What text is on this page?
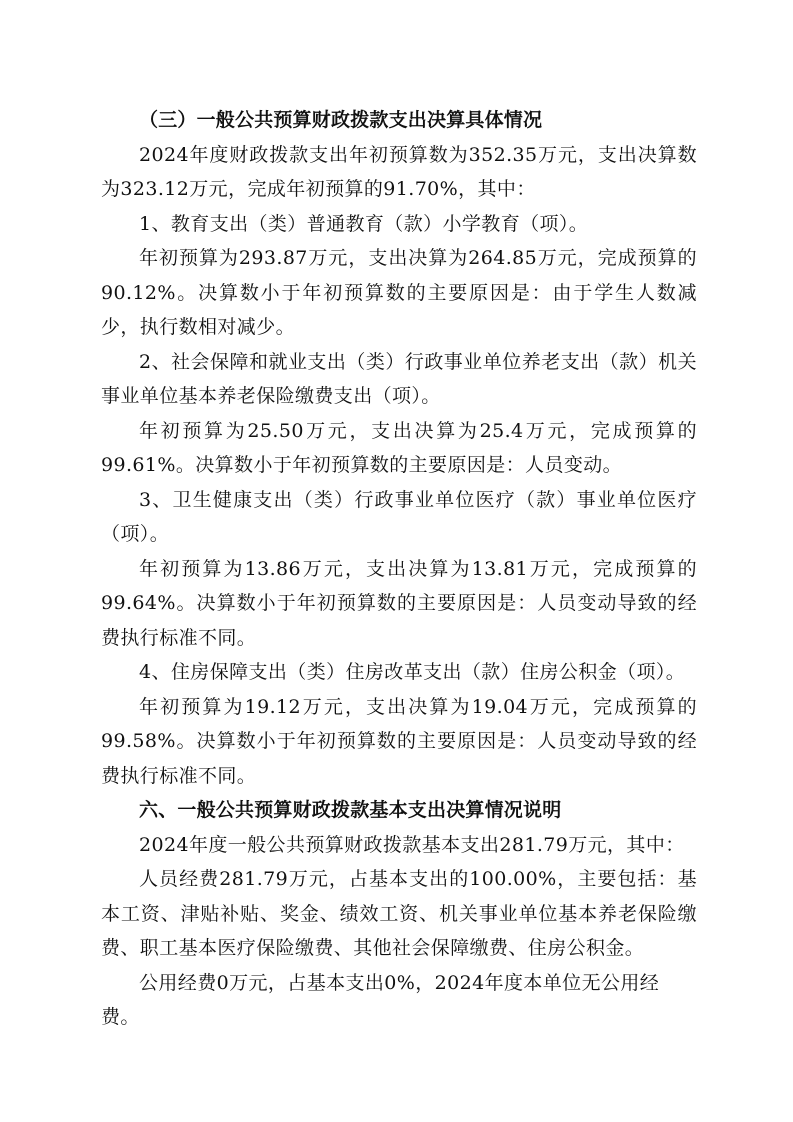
（三）一般公共预算财政拨款支出决算具体情况

2024年度财政拨款支出年初预算数为352.35万元，支出决算数为323.12万元，完成年初预算的91.70%，其中：

1、教育支出（类）普通教育（款）小学教育（项）。

年初预算为293.87万元，支出决算为264.85万元，完成预算的90.12%。决算数小于年初预算数的主要原因是：由于学生人数减少，执行数相对减少。

2、社会保障和就业支出（类）行政事业单位养老支出（款）机关事业单位基本养老保险缴费支出（项）。

年初预算为25.50万元，支出决算为25.4万元，完成预算的99.61%。决算数小于年初预算数的主要原因是：人员变动。

3、卫生健康支出（类）行政事业单位医疗（款）事业单位医疗（项）。

年初预算为13.86万元，支出决算为13.81万元，完成预算的99.64%。决算数小于年初预算数的主要原因是：人员变动导致的经费执行标准不同。

4、住房保障支出（类）住房改革支出（款）住房公积金（项）。

年初预算为19.12万元，支出决算为19.04万元，完成预算的99.58%。决算数小于年初预算数的主要原因是：人员变动导致的经费执行标准不同。

六、一般公共预算财政拨款基本支出决算情况说明

2024年度一般公共预算财政拨款基本支出281.79万元，其中：

人员经费281.79万元，占基本支出的100.00%，主要包括：基本工资、津贴补贴、奖金、绩效工资、机关事业单位基本养老保险缴费、职工基本医疗保险缴费、其他社会保障缴费、住房公积金。

公用经费0万元，占基本支出0%，2024年度本单位无公用经费。
